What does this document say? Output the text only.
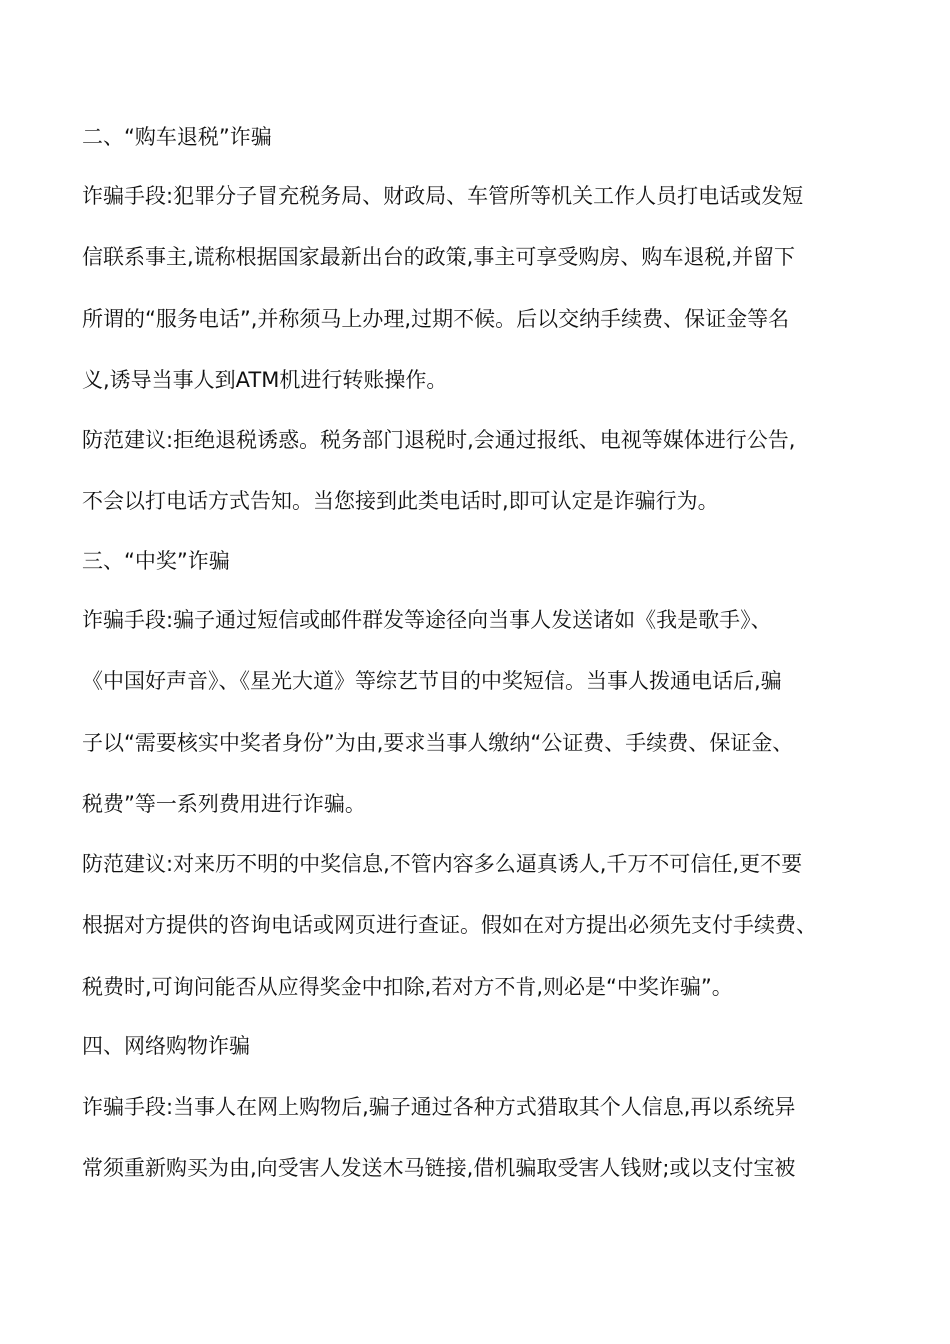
二、“购车退税”诈骗
诈骗手段:犯罪分子冒充税务局、财政局、车管所等机关工作人员打电话或发短
信联系事主,谎称根据国家最新出台的政策,事主可享受购房、购车退税,并留下
所谓的“服务电话”,并称须马上办理,过期不候。后以交纳手续费、保证金等名
义,诱导当事人到ATM机进行转账操作。
防范建议:拒绝退税诱惑。税务部门退税时,会通过报纸、电视等媒体进行公告,
不会以打电话方式告知。当您接到此类电话时,即可认定是诈骗行为。
三、“中奖”诈骗
诈骗手段:骗子通过短信或邮件群发等途径向当事人发送诸如《我是歌手》、
《中国好声音》、《星光大道》等综艺节目的中奖短信。当事人拨通电话后,骗
子以“需要核实中奖者身份”为由,要求当事人缴纳“公证费、手续费、保证金、
税费”等一系列费用进行诈骗。
防范建议:对来历不明的中奖信息,不管内容多么逼真诱人,千万不可信任,更不要
根据对方提供的咨询电话或网页进行查证。假如在对方提出必须先支付手续费、
税费时,可询问能否从应得奖金中扣除,若对方不肯,则必是“中奖诈骗”。
四、网络购物诈骗
诈骗手段:当事人在网上购物后,骗子通过各种方式猎取其个人信息,再以系统异
常须重新购买为由,向受害人发送木马链接,借机骗取受害人钱财;或以支付宝被
